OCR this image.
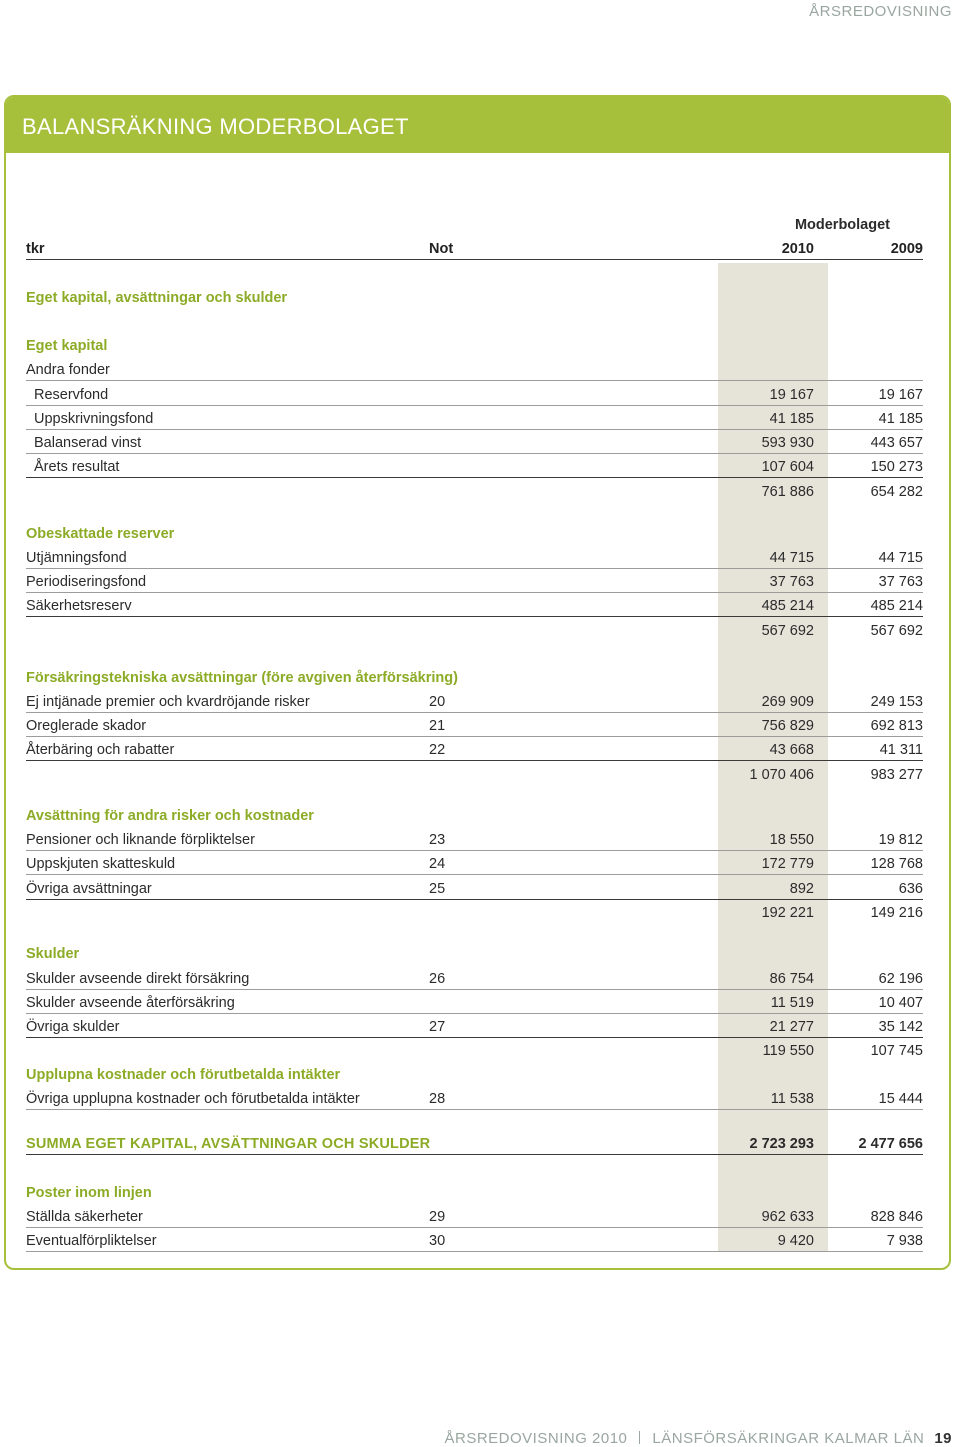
ÅRSREDOVISNING
BALANSRÄKNING MODERBOLAGET
Moderbolaget
tkr	Not	2010	2009
Eget kapital, avsättningar och skulder
Eget kapital
Andra fonder
Reservfond	19 167	19 167
Uppskrivningsfond	41 185	41 185
Balanserad vinst	593 930	443 657
Årets resultat	107 604	150 273
761 886	654 282
Obeskattade reserver
Utjämningsfond	44 715	44 715
Periodiseringsfond	37 763	37 763
Säkerhetsreserv	485 214	485 214
567 692	567 692
Försäkringstekniska avsättningar (före avgiven återförsäkring)
Ej intjänade premier och kvardröjande risker	20	269 909	249 153
Oreglerade skador	21	756 829	692 813
Återbäring och rabatter	22	43 668	41 311
1 070 406	983 277
Avsättning för andra risker och kostnader
Pensioner och liknande förpliktelser	23	18 550	19 812
Uppskjuten skatteskuld	24	172 779	128 768
Övriga avsättningar	25	892	636
192 221	149 216
Skulder
Skulder avseende direkt försäkring	26	86 754	62 196
Skulder avseende återförsäkring	11 519	10 407
Övriga skulder	27	21 277	35 142
119 550	107 745
Upplupna kostnader och förutbetalda intäkter
Övriga upplupna kostnader och förutbetalda intäkter	28	11 538	15 444
SUMMA EGET KAPITAL, AVSÄTTNINGAR OCH SKULDER	2 723 293	2 477 656
Poster inom linjen
Ställda säkerheter	29	962 633	828 846
Eventualförpliktelser	30	9 420	7 938
ÅRSREDOVISNING 2010 LÄNSFÖRSÄKRINGAR KALMAR LÄN 19
